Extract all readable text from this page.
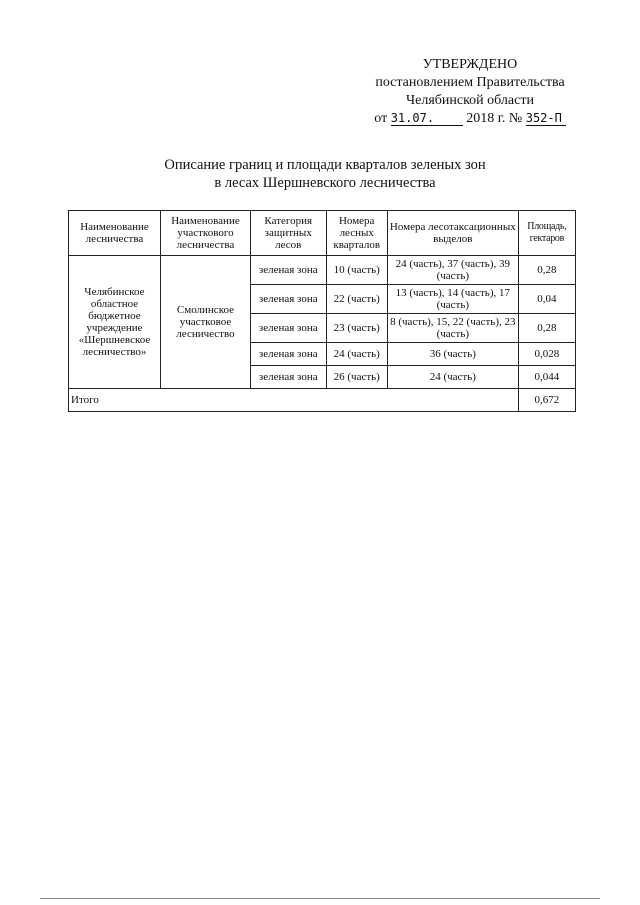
УТВЕРЖДЕНО
постановлением Правительства
Челябинской области
от 31.07. 2018 г. № 352-П
Описание границ и площади кварталов зеленых зон
в лесах Шершневского лесничества
Наименование лесничества	Наименование участкового лесничества	Категория защитных лесов	Номера лесных кварталов	Номера лесотаксационных выделов	Площадь, гектаров
Челябинское областное бюджетное учреждение «Шершневское лесничество»	Смолинское участковое лесничество	зеленая зона	10 (часть)	24 (часть), 37 (часть), 39 (часть)	0,28
		зеленая зона	22 (часть)	13 (часть), 14 (часть), 17 (часть)	0,04
		зеленая зона	23 (часть)	8 (часть), 15, 22 (часть), 23 (часть)	0,28
		зеленая зона	24 (часть)	36 (часть)	0,028
		зеленая зона	26 (часть)	24 (часть)	0,044
Итого					0,672
